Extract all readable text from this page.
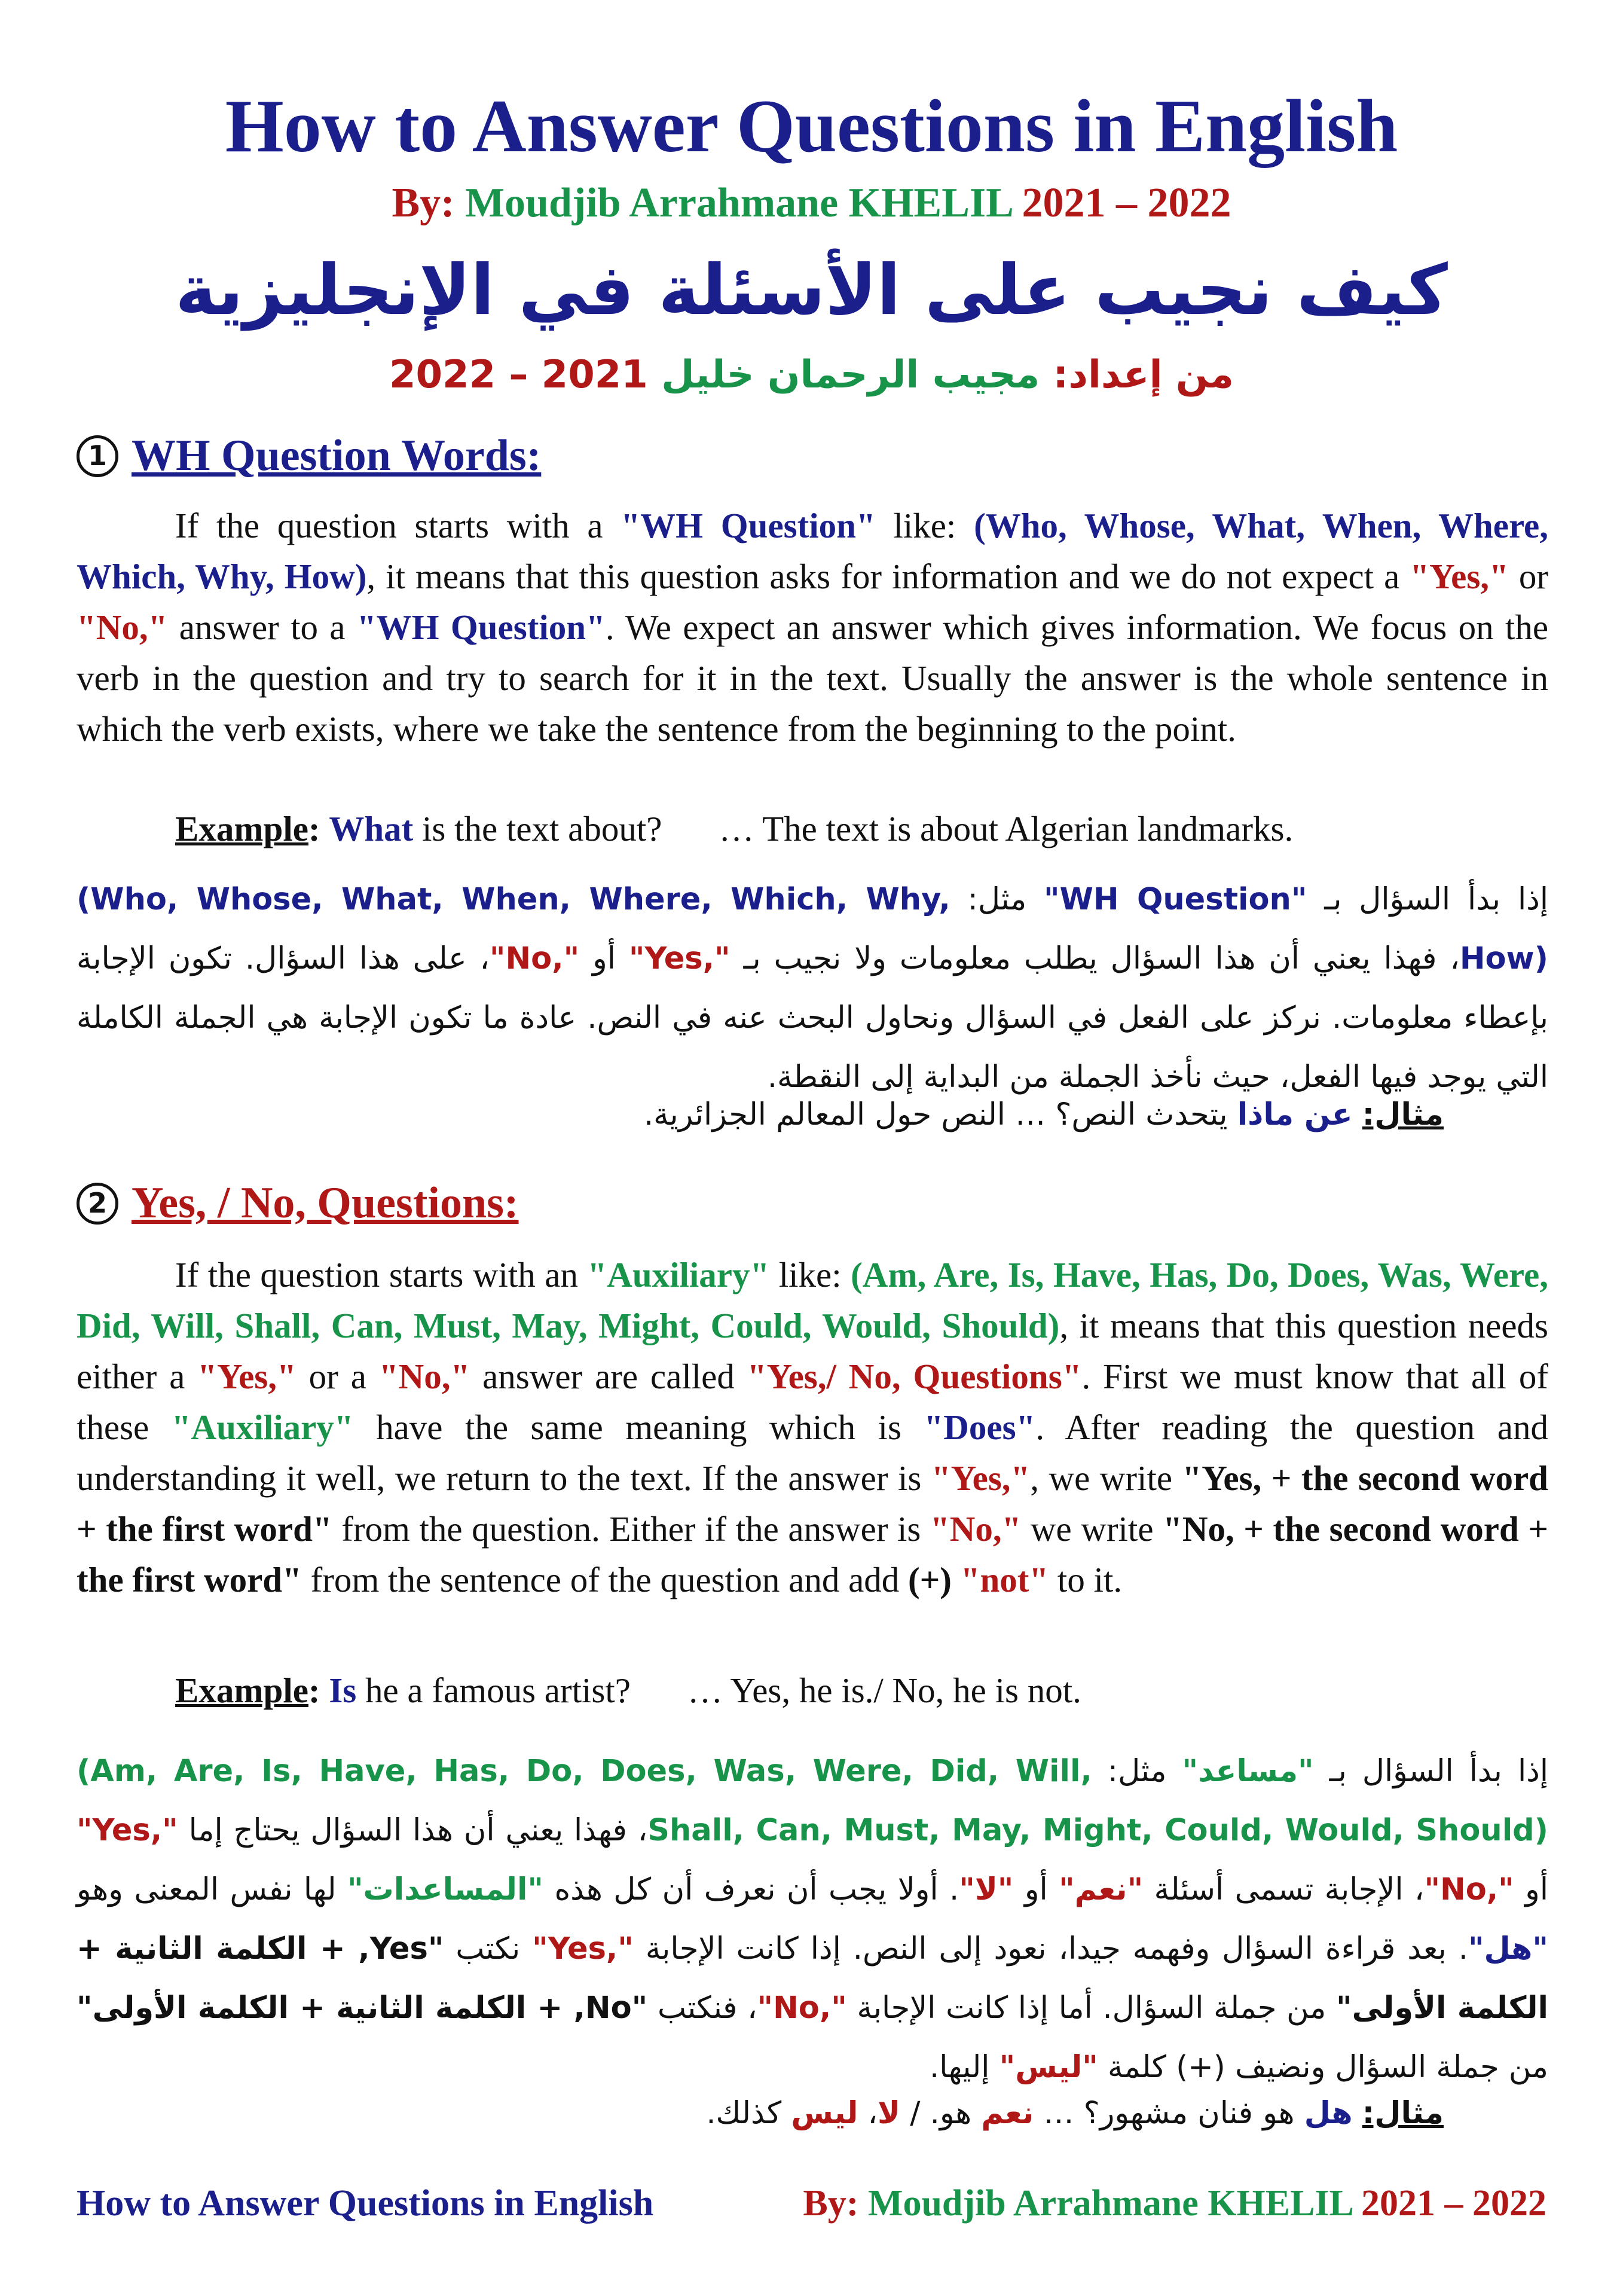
How to Answer Questions in English
By: Moudjib Arrahmane KHELIL 2021 – 2022
كيف نجيب على الأسئلة في الإنجليزية
من إعداد: مجيب الرحمان خليل 2021 – 2022
1 WH Question Words:
If the question starts with a "WH Question" like: (Who, Whose, What, When, Where, Which, Why, How), it means that this question asks for information and we do not expect a "Yes," or "No," answer to a "WH Question". We expect an answer which gives information. We focus on the verb in the question and try to search for it in the text. Usually the answer is the whole sentence in which the verb exists, where we take the sentence from the beginning to the point.
Example: What is the text about? … The text is about Algerian landmarks.
إذا بدأ السؤال بـ "WH Question" مثل: (Who, Whose, What, When, Where, Which, Why, How)، فهذا يعني أن هذا السؤال يطلب معلومات ولا نجيب بـ "Yes," أو "No,"، على هذا السؤال. تكون الإجابة بإعطاء معلومات. نركز على الفعل في السؤال ونحاول البحث عنه في النص. عادة ما تكون الإجابة هي الجملة الكاملة التي يوجد فيها الفعل، حيث نأخذ الجملة من البداية إلى النقطة.
مثال: عن ماذا يتحدث النص؟ … النص حول المعالم الجزائرية.
2 Yes, / No, Questions:
If the question starts with an "Auxiliary" like: (Am, Are, Is, Have, Has, Do, Does, Was, Were, Did, Will, Shall, Can, Must, May, Might, Could, Would, Should), it means that this question needs either a "Yes," or a "No," answer are called "Yes,/ No, Questions". First we must know that all of these "Auxiliary" have the same meaning which is "Does". After reading the question and understanding it well, we return to the text. If the answer is "Yes,", we write "Yes, + the second word + the first word" from the question. Either if the answer is "No," we write "No, + the second word + the first word" from the sentence of the question and add (+) "not" to it.
Example: Is he a famous artist? … Yes, he is./ No, he is not.
إذا بدأ السؤال بـ "مساعد" مثل: (Am, Are, Is, Have, Has, Do, Does, Was, Were, Did, Will, Shall, Can, Must, May, Might, Could, Would, Should)، فهذا يعني أن هذا السؤال يحتاج إما "Yes," أو "No,"، الإجابة تسمى أسئلة "نعم" أو "لا". أولا يجب أن نعرف أن كل هذه "المساعدات" لها نفس المعنى وهو "هل". بعد قراءة السؤال وفهمه جيدا، نعود إلى النص. إذا كانت الإجابة "Yes," نكتب "Yes, + الكلمة الثانية + الكلمة الأولى" من جملة السؤال. أما إذا كانت الإجابة "No,"، فنكتب "No, + الكلمة الثانية + الكلمة الأولى" من جملة السؤال ونضيف (+) كلمة "ليس" إليها.
مثال: هل هو فنان مشهور؟ … نعم هو. / لا، ليس كذلك.
How to Answer Questions in English	By: Moudjib Arrahmane KHELIL 2021 – 2022
